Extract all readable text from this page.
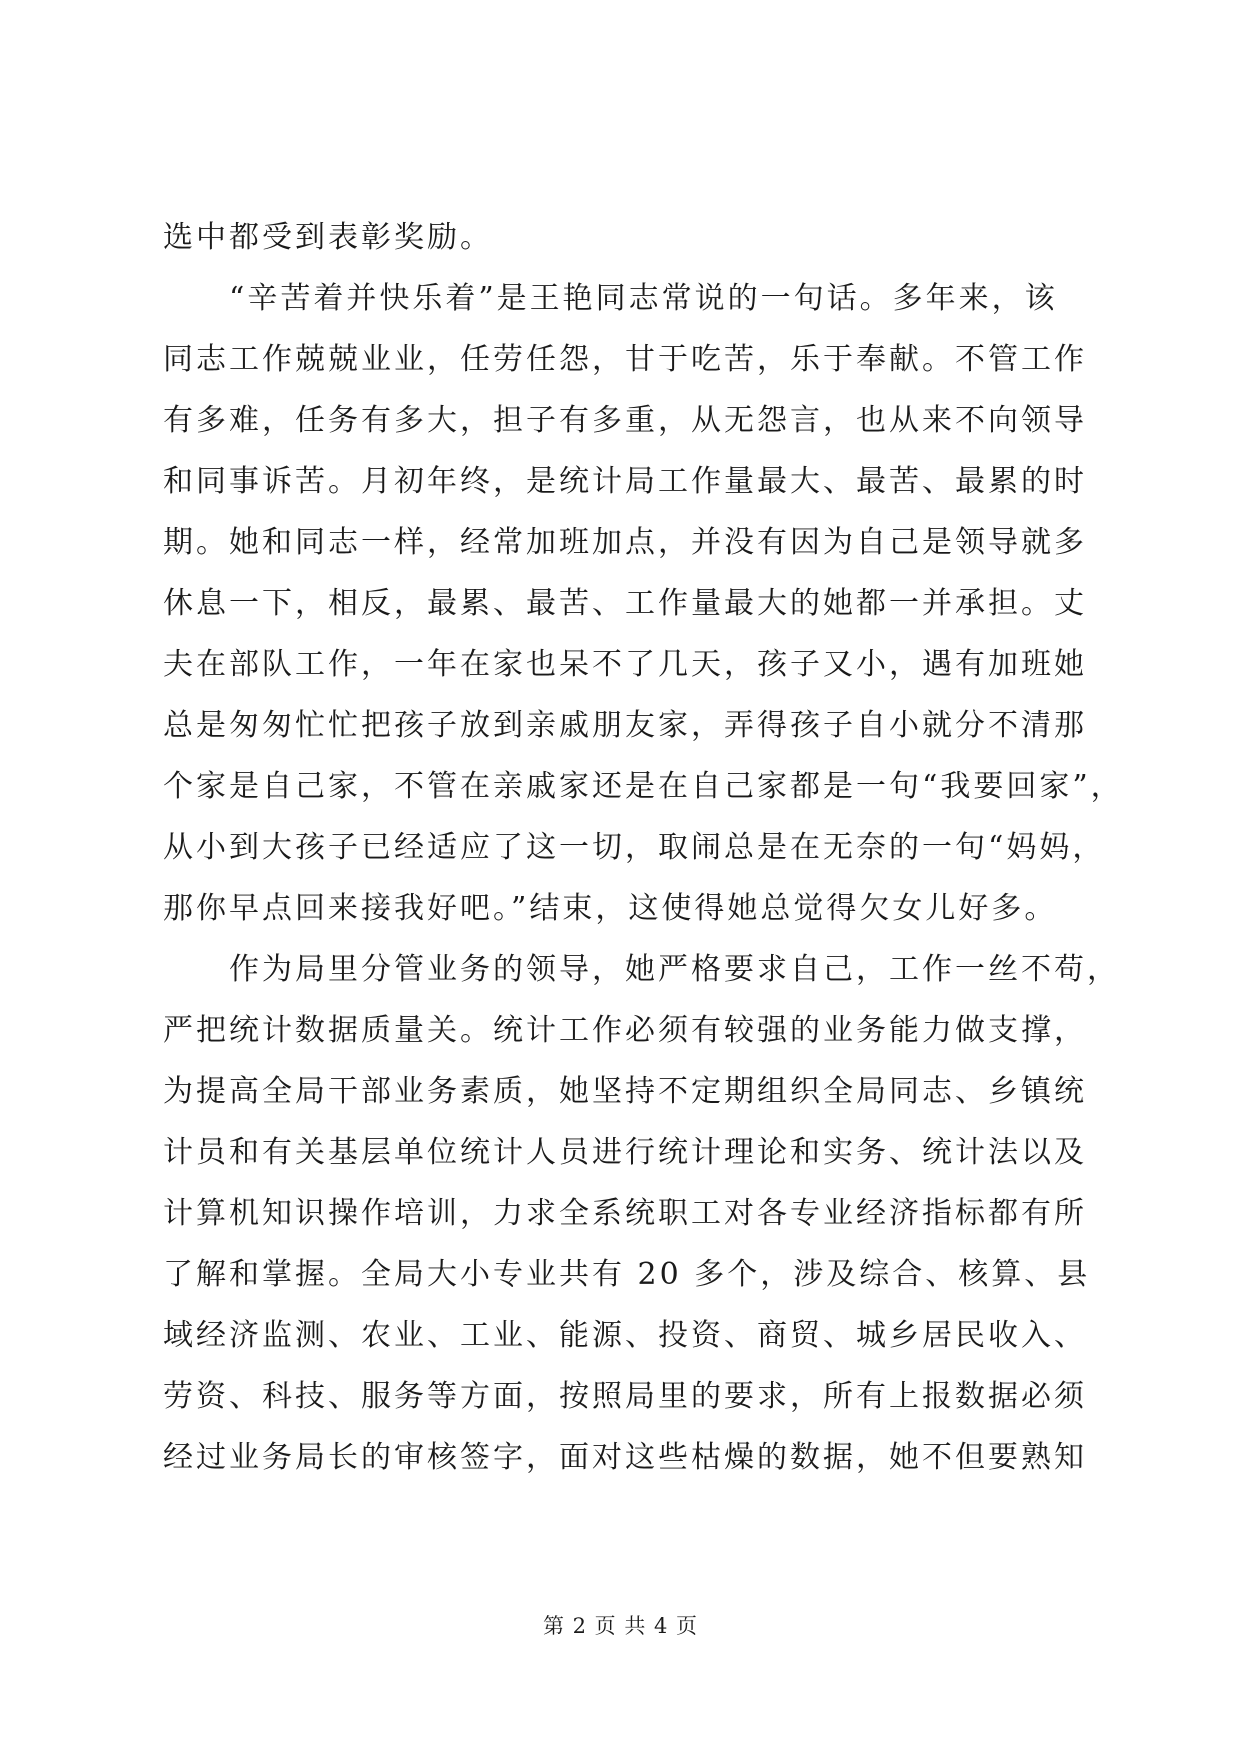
选中都受到表彰奖励。
　　“辛苦着并快乐着”是王艳同志常说的一句话。多年来，该
同志工作兢兢业业，任劳任怨，甘于吃苦，乐于奉献。不管工作
有多难，任务有多大，担子有多重，从无怨言，也从来不向领导
和同事诉苦。月初年终，是统计局工作量最大、最苦、最累的时
期。她和同志一样，经常加班加点，并没有因为自己是领导就多
休息一下，相反，最累、最苦、工作量最大的她都一并承担。丈
夫在部队工作，一年在家也呆不了几天，孩子又小，遇有加班她
总是匆匆忙忙把孩子放到亲戚朋友家，弄得孩子自小就分不清那
个家是自己家，不管在亲戚家还是在自己家都是一句“我要回家”，
从小到大孩子已经适应了这一切，取闹总是在无奈的一句“妈妈，
那你早点回来接我好吧。”结束，这使得她总觉得欠女儿好多。
　　作为局里分管业务的领导，她严格要求自己，工作一丝不苟，
严把统计数据质量关。统计工作必须有较强的业务能力做支撑，
为提高全局干部业务素质，她坚持不定期组织全局同志、乡镇统
计员和有关基层单位统计人员进行统计理论和实务、统计法以及
计算机知识操作培训，力求全系统职工对各专业经济指标都有所
了解和掌握。全局大小专业共有 20 多个，涉及综合、核算、县
域经济监测、农业、工业、能源、投资、商贸、城乡居民收入、
劳资、科技、服务等方面，按照局里的要求，所有上报数据必须
经过业务局长的审核签字，面对这些枯燥的数据，她不但要熟知
第 2 页 共 4 页
